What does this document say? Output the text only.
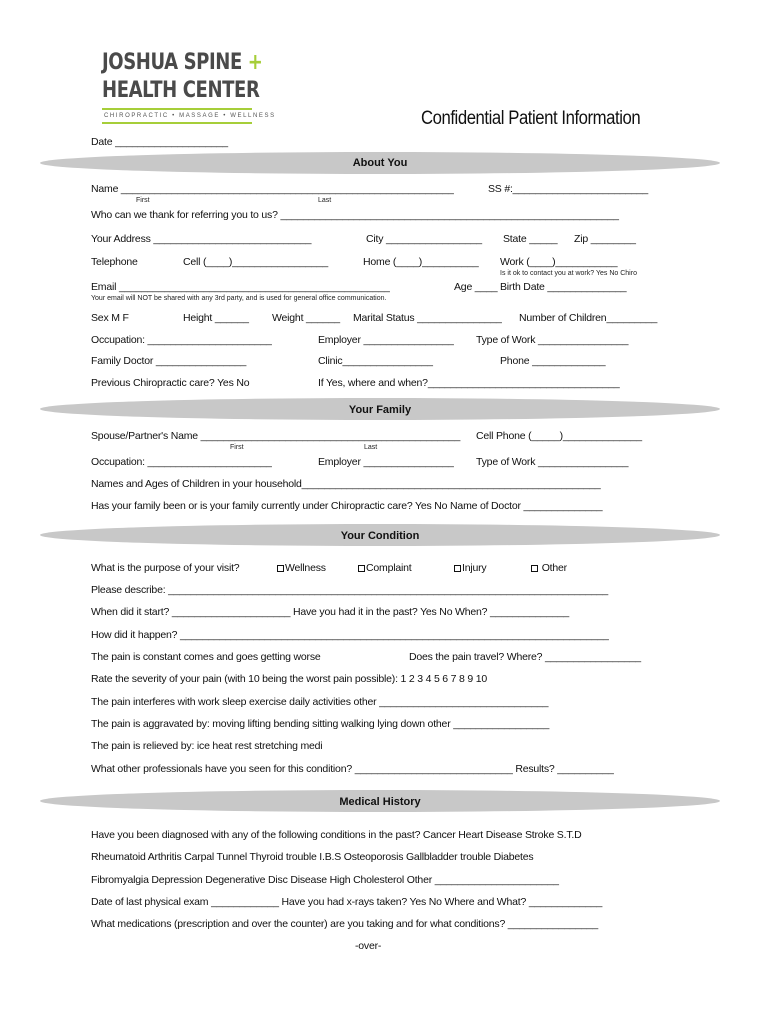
JOSHUA SPINE +
HEALTH CENTER
CHIROPRACTIC • MASSAGE • WELLNESS	Confidential Patient Information
Date ____________________
About You
Name ___________________________________________________________	SS #:________________________
First	Last
Who can we thank for referring you to us? ____________________________________________________________
Your Address ____________________________	City _________________ State _____ Zip ________
Telephone	Cell (____)_________________	Home (____)__________ Work (____)___________
Is it ok to contact you at work? Yes No Chiro
Email ________________________________________________	Age ____ Birth Date ______________
Your email will NOT be shared with any 3rd party, and is used for general office communication.
Sex M F	Height ______ Weight ______ Marital Status _______________ Number of Children_________
Occupation: ______________________	Employer ________________ Type of Work ________________
Family Doctor ________________	Clinic________________	Phone _____________
Previous Chiropractic care? Yes No	If Yes, where and when?__________________________________
Your Family
Spouse/Partner's Name ______________________________________________ Cell Phone (_____)______________
First	Last
Occupation: ______________________	Employer ________________ Type of Work ________________
Names and Ages of Children in your household_____________________________________________________
Has your family been or is your family currently under Chiropractic care? Yes No Name of Doctor ______________
Your Condition
What is the purpose of your visit?	Wellness	Complaint	Injury	Other
Please describe: ______________________________________________________________________________
When did it start? _____________________ Have you had it in the past? Yes No When? ______________
How did it happen? ____________________________________________________________________________
The pain is constant comes and goes getting worse	Does the pain travel? Where? _________________
Rate the severity of your pain (with 10 being the worst pain possible): 1 2 3 4 5 6 7 8 9 10
The pain interferes with work sleep exercise daily activities other ______________________________
The pain is aggravated by: moving lifting bending sitting walking lying down other _________________
The pain is relieved by: ice heat rest stretching medi
What other professionals have you seen for this condition? ____________________________ Results? __________
Medical History
Have you been diagnosed with any of the following conditions in the past? Cancer Heart Disease Stroke S.T.D
Rheumatoid Arthritis Carpal Tunnel Thyroid trouble I.B.S Osteoporosis Gallbladder trouble Diabetes
Fibromyalgia Depression Degenerative Disc Disease High Cholesterol Other ______________________
Date of last physical exam ____________ Have you had x-rays taken? Yes No Where and What? _____________
What medications (prescription and over the counter) are you taking and for what conditions? ________________
-over-
